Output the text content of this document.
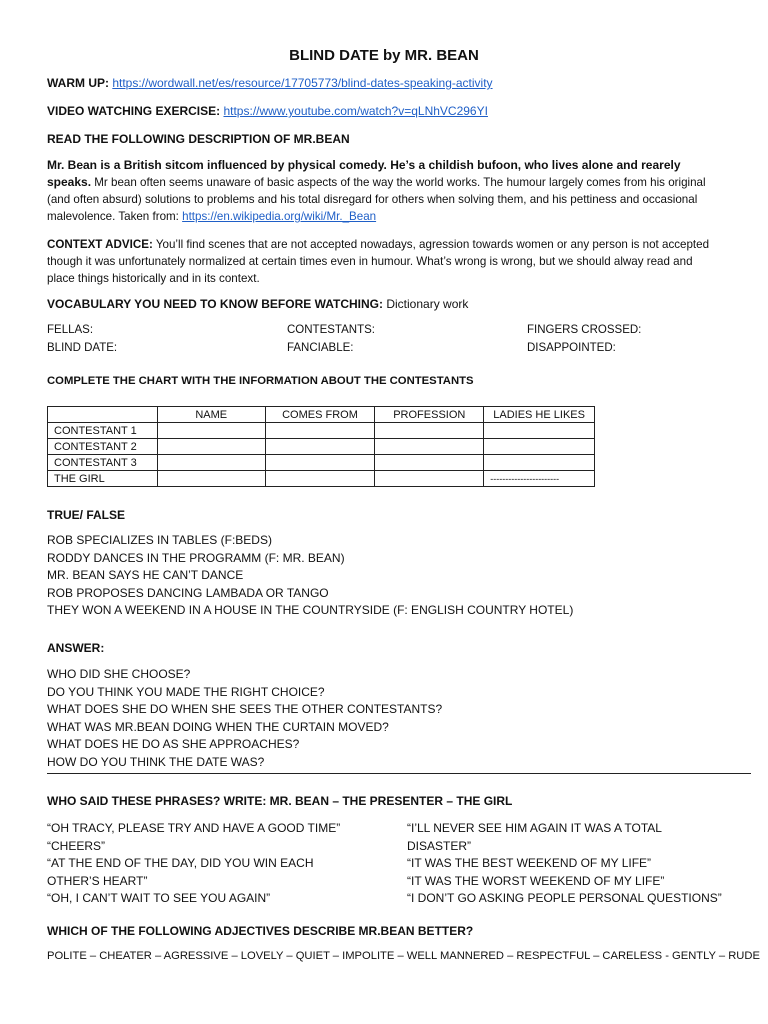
BLIND DATE by MR. BEAN
WARM UP: https://wordwall.net/es/resource/17705773/blind-dates-speaking-activity
VIDEO WATCHING EXERCISE: https://www.youtube.com/watch?v=qLNhVC296YI
READ THE FOLLOWING DESCRIPTION OF MR.BEAN
Mr. Bean is a British sitcom influenced by physical comedy. He’s a childish bufoon, who lives alone and rearely speaks. Mr bean often seems unaware of basic aspects of the way the world works. The humour largely comes from his original (and often absurd) solutions to problems and his total disregard for others when solving them, and his pettiness and occasional malevolence. Taken from: https://en.wikipedia.org/wiki/Mr._Bean
CONTEXT ADVICE: You’ll find scenes that are not accepted nowadays, agression towards women or any person is not accepted though it was unfortunately normalized at certain times even in humour. What’s wrong is wrong, but we should alway read and place things historically and in its context.
VOCABULARY YOU NEED TO KNOW BEFORE WATCHING: Dictionary work
FELLAS:	CONTESTANTS:	FINGERS CROSSED:
BLIND DATE:	FANCIABLE:	DISAPPOINTED:
COMPLETE THE CHART WITH THE INFORMATION ABOUT THE CONTESTANTS
	NAME	COMES FROM	PROFESSION	LADIES HE LIKES
CONTESTANT 1				
CONTESTANT 2				
CONTESTANT 3				
THE GIRL				-----------------------
TRUE/ FALSE
ROB SPECIALIZES IN TABLES (F:BEDS)
RODDY DANCES IN THE PROGRAMM (F: MR. BEAN)
MR. BEAN SAYS HE CAN’T DANCE
ROB PROPOSES DANCING LAMBADA OR TANGO
THEY WON A WEEKEND IN A HOUSE IN THE COUNTRYSIDE (F: ENGLISH COUNTRY HOTEL)
ANSWER:
WHO DID SHE CHOOSE?
DO YOU THINK YOU MADE THE RIGHT CHOICE?
WHAT DOES SHE DO WHEN SHE SEES THE OTHER CONTESTANTS?
WHAT WAS MR.BEAN DOING WHEN THE CURTAIN MOVED?
WHAT DOES HE DO AS SHE APPROACHES?
HOW DO YOU THINK THE DATE WAS?
WHO SAID THESE PHRASES? WRITE: MR. BEAN – THE PRESENTER – THE GIRL
“OH TRACY, PLEASE TRY AND HAVE A GOOD TIME”
“CHEERS”
“AT THE END OF THE DAY, DID YOU WIN EACH
OTHER’S HEART”
“OH, I CAN’T WAIT TO SEE YOU AGAIN”
“I’LL NEVER SEE HIM AGAIN IT WAS A TOTAL
DISASTER”
“IT WAS THE BEST WEEKEND OF MY LIFE”
“IT WAS THE WORST WEEKEND OF MY LIFE”
“I DON’T GO ASKING PEOPLE PERSONAL QUESTIONS”
WHICH OF THE FOLLOWING ADJECTIVES DESCRIBE MR.BEAN BETTER?
POLITE – CHEATER – AGRESSIVE – LOVELY – QUIET – IMPOLITE – WELL MANNERED – RESPECTFUL – CARELESS - GENTLY – RUDE
